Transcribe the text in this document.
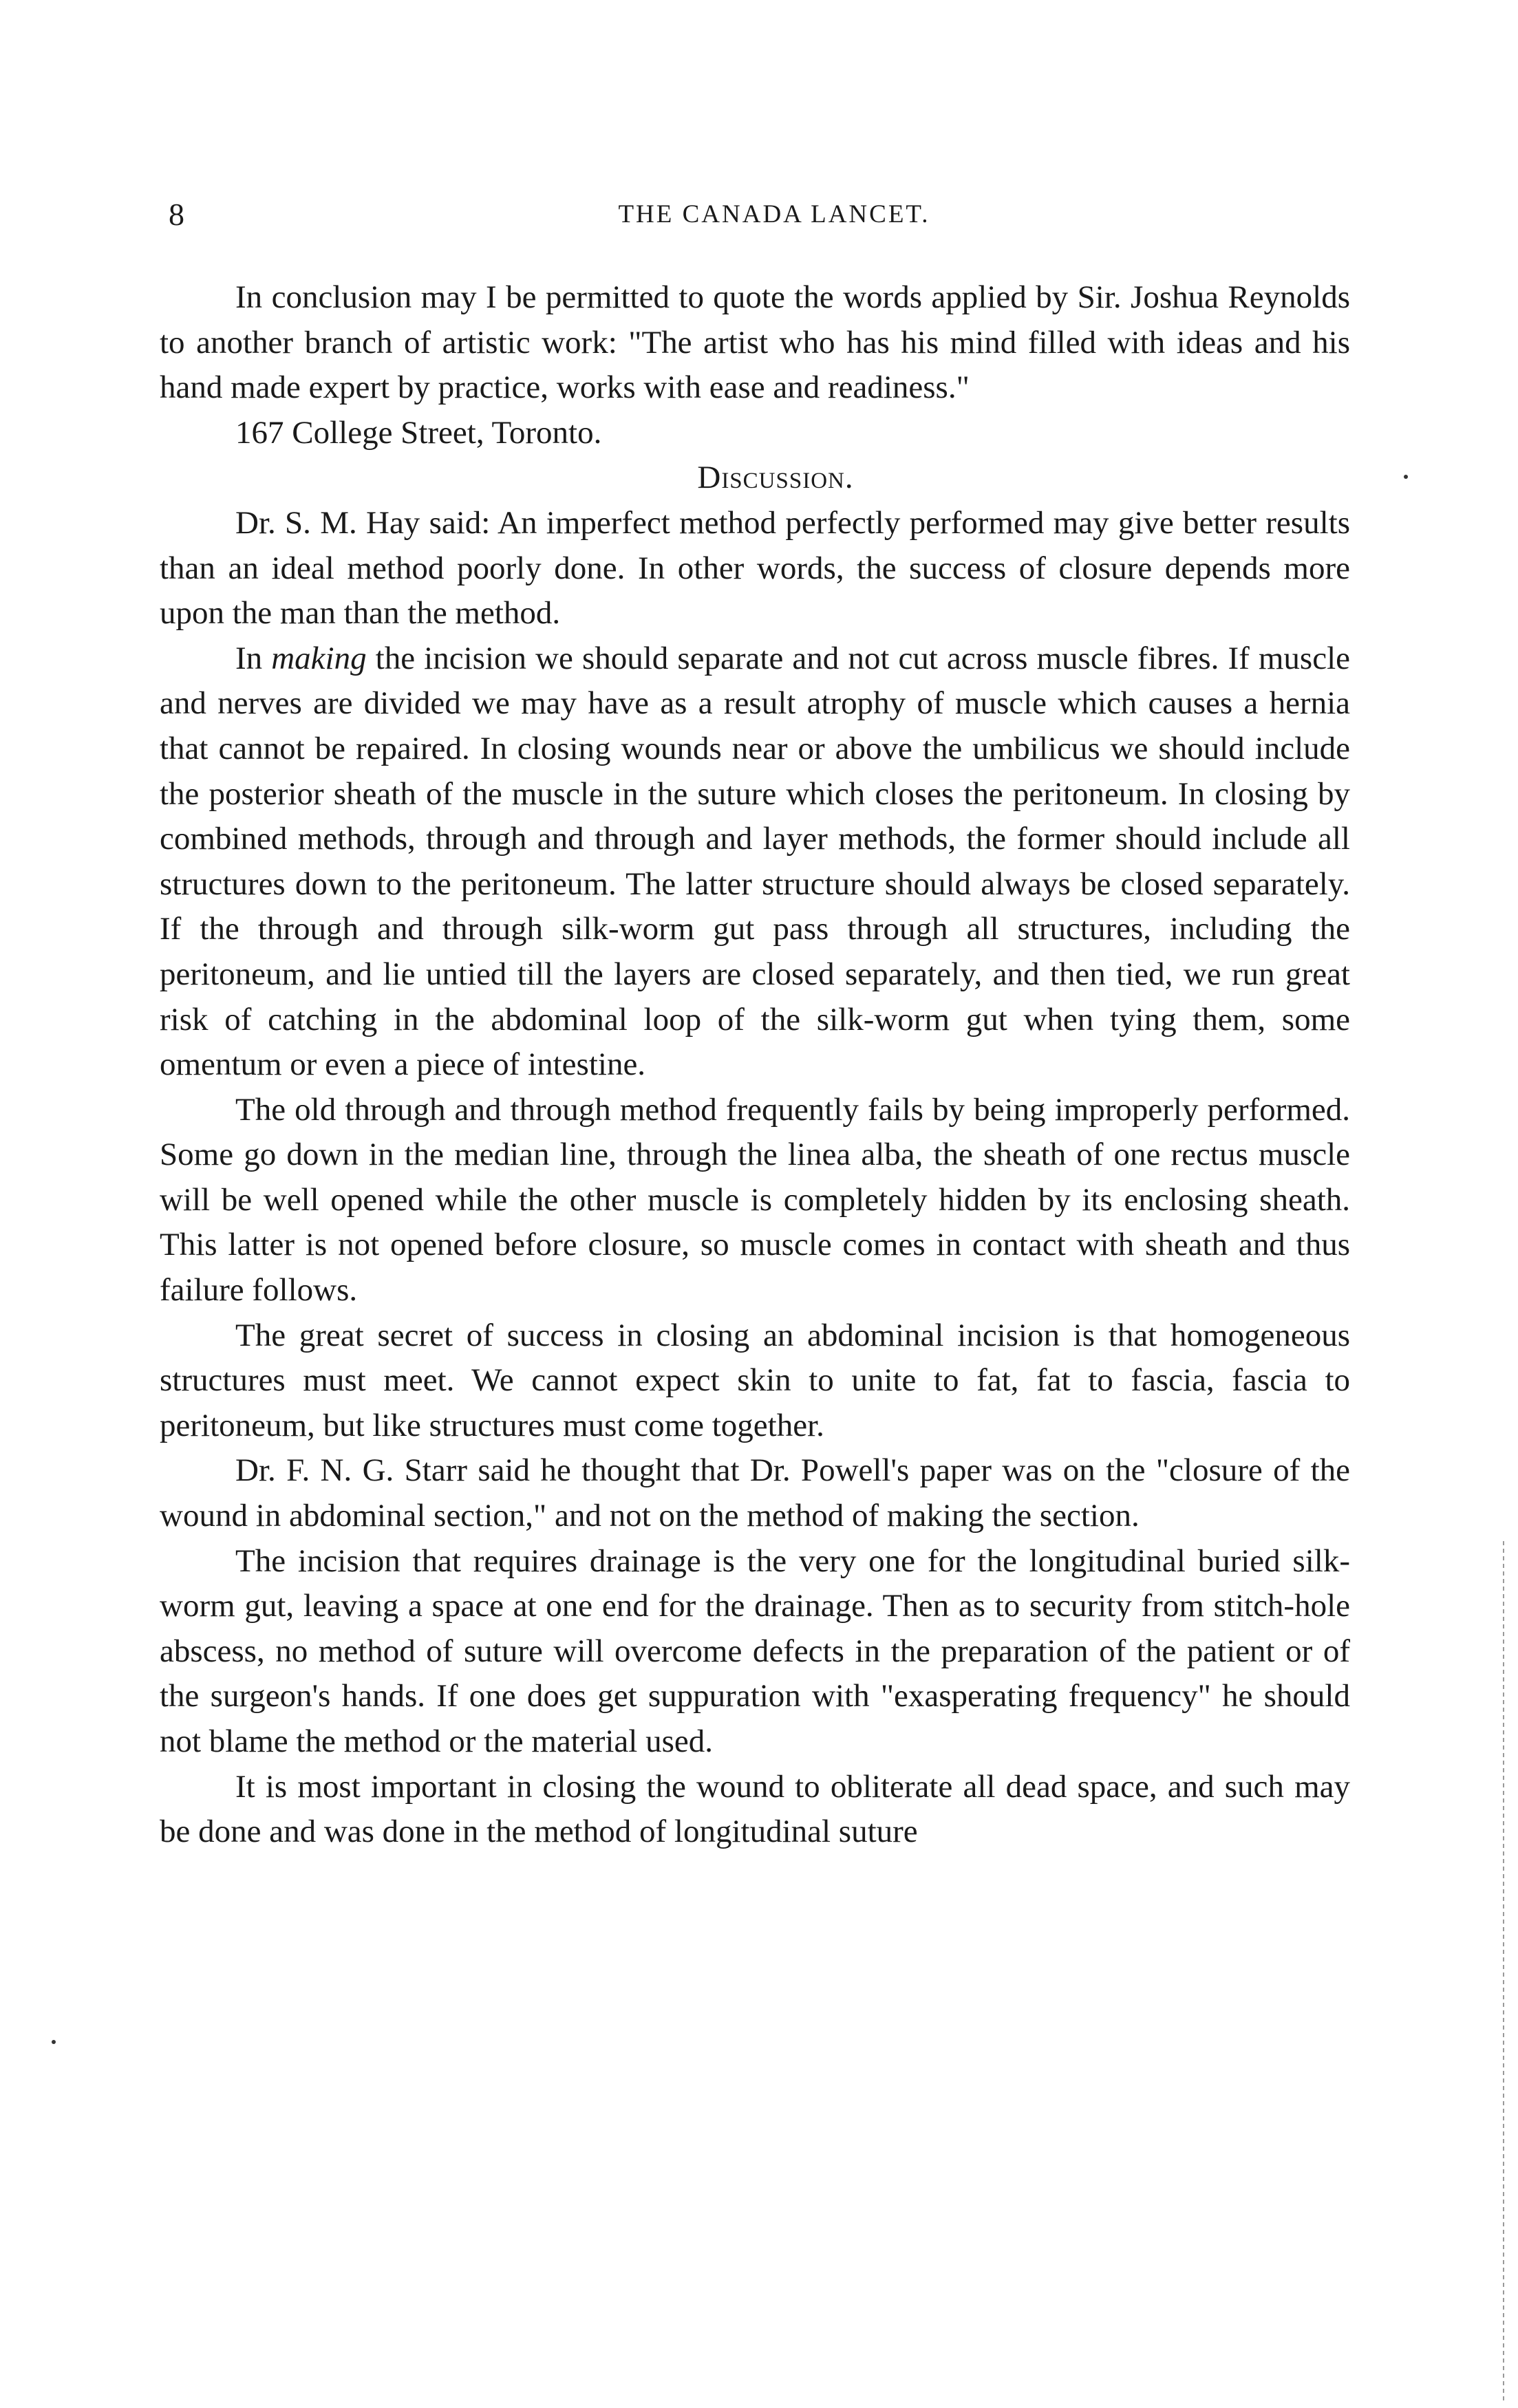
8	THE CANADA LANCET.

In conclusion may I be permitted to quote the words applied by Sir. Joshua Reynolds to another branch of artistic work: "The artist who has his mind filled with ideas and his hand made expert by practice, works with ease and readiness."

167 College Street, Toronto.

Discussion.

Dr. S. M. Hay said: An imperfect method perfectly performed may give better results than an ideal method poorly done. In other words, the success of closure depends more upon the man than the method.

In making the incision we should separate and not cut across muscle fibres. If muscle and nerves are divided we may have as a result atrophy of muscle which causes a hernia that cannot be repaired. In closing wounds near or above the umbilicus we should include the posterior sheath of the muscle in the suture which closes the peritoneum. In closing by combined methods, through and through and layer methods, the former should include all structures down to the peritoneum. The latter structure should always be closed separately. If the through and through silk-worm gut pass through all structures, including the peritoneum, and lie untied till the layers are closed separately, and then tied, we run great risk of catching in the abdominal loop of the silk-worm gut when tying them, some omentum or even a piece of intestine.

The old through and through method frequently fails by being improperly performed. Some go down in the median line, through the linea alba, the sheath of one rectus muscle will be well opened while the other muscle is completely hidden by its enclosing sheath. This latter is not opened before closure, so muscle comes in contact with sheath and thus failure follows.

The great secret of success in closing an abdominal incision is that homogeneous structures must meet. We cannot expect skin to unite to fat, fat to fascia, fascia to peritoneum, but like structures must come together.

Dr. F. N. G. Starr said he thought that Dr. Powell's paper was on the "closure of the wound in abdominal section," and not on the method of making the section.

The incision that requires drainage is the very one for the longitudinal buried silk-worm gut, leaving a space at one end for the drainage. Then as to security from stitch-hole abscess, no method of suture will overcome defects in the preparation of the patient or of the surgeon's hands. If one does get suppuration with "exasperating frequency" he should not blame the method or the material used.

It is most important in closing the wound to obliterate all dead space, and such may be done and was done in the method of longitudinal suture
